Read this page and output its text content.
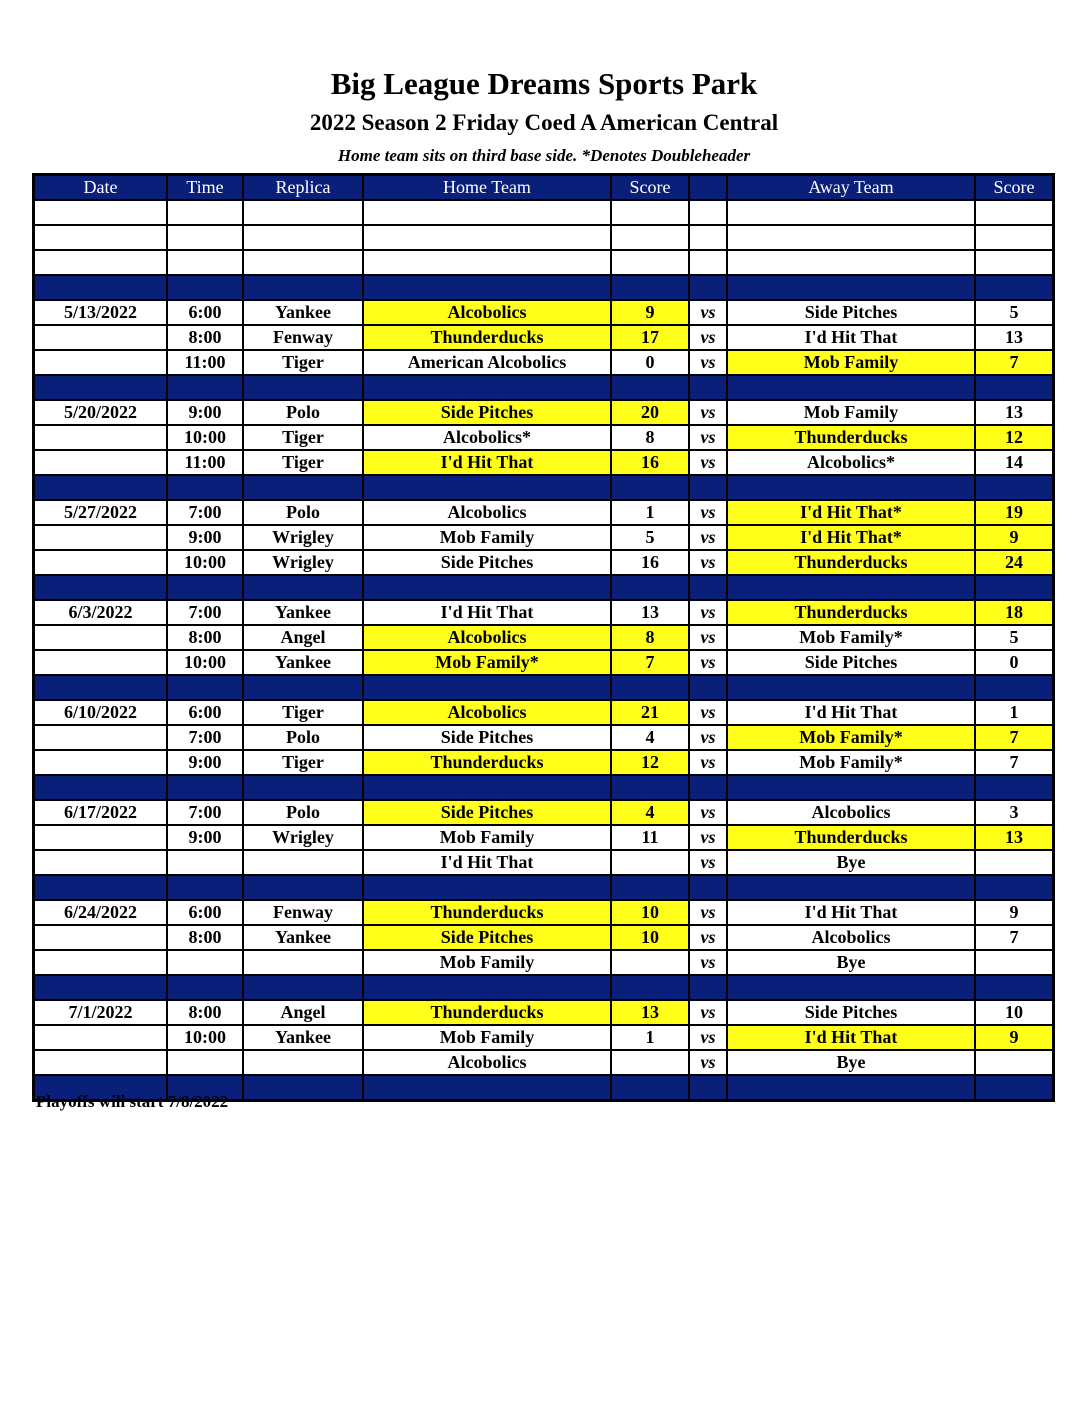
Big League Dreams Sports Park
2022 Season 2 Friday Coed A American Central
Home team sits on third base side. *Denotes Doubleheader
Date	Time	Replica	Home Team	Score		Away Team	Score

5/13/2022	6:00	Yankee	Alcobolics	9	vs	Side Pitches	5
	8:00	Fenway	Thunderducks	17	vs	I'd Hit That	13
	11:00	Tiger	American Alcobolics	0	vs	Mob Family	7

5/20/2022	9:00	Polo	Side Pitches	20	vs	Mob Family	13
	10:00	Tiger	Alcobolics*	8	vs	Thunderducks	12
	11:00	Tiger	I'd Hit That	16	vs	Alcobolics*	14

5/27/2022	7:00	Polo	Alcobolics	1	vs	I'd Hit That*	19
	9:00	Wrigley	Mob Family	5	vs	I'd Hit That*	9
	10:00	Wrigley	Side Pitches	16	vs	Thunderducks	24

6/3/2022	7:00	Yankee	I'd Hit That	13	vs	Thunderducks	18
	8:00	Angel	Alcobolics	8	vs	Mob Family*	5
	10:00	Yankee	Mob Family*	7	vs	Side Pitches	0

6/10/2022	6:00	Tiger	Alcobolics	21	vs	I'd Hit That	1
	7:00	Polo	Side Pitches	4	vs	Mob Family*	7
	9:00	Tiger	Thunderducks	12	vs	Mob Family*	7

6/17/2022	7:00	Polo	Side Pitches	4	vs	Alcobolics	3
	9:00	Wrigley	Mob Family	11	vs	Thunderducks	13
			I'd Hit That		vs	Bye	

6/24/2022	6:00	Fenway	Thunderducks	10	vs	I'd Hit That	9
	8:00	Yankee	Side Pitches	10	vs	Alcobolics	7
			Mob Family		vs	Bye	

7/1/2022	8:00	Angel	Thunderducks	13	vs	Side Pitches	10
	10:00	Yankee	Mob Family	1	vs	I'd Hit That	9
			Alcobolics		vs	Bye	

Playoffs will start 7/8/2022
